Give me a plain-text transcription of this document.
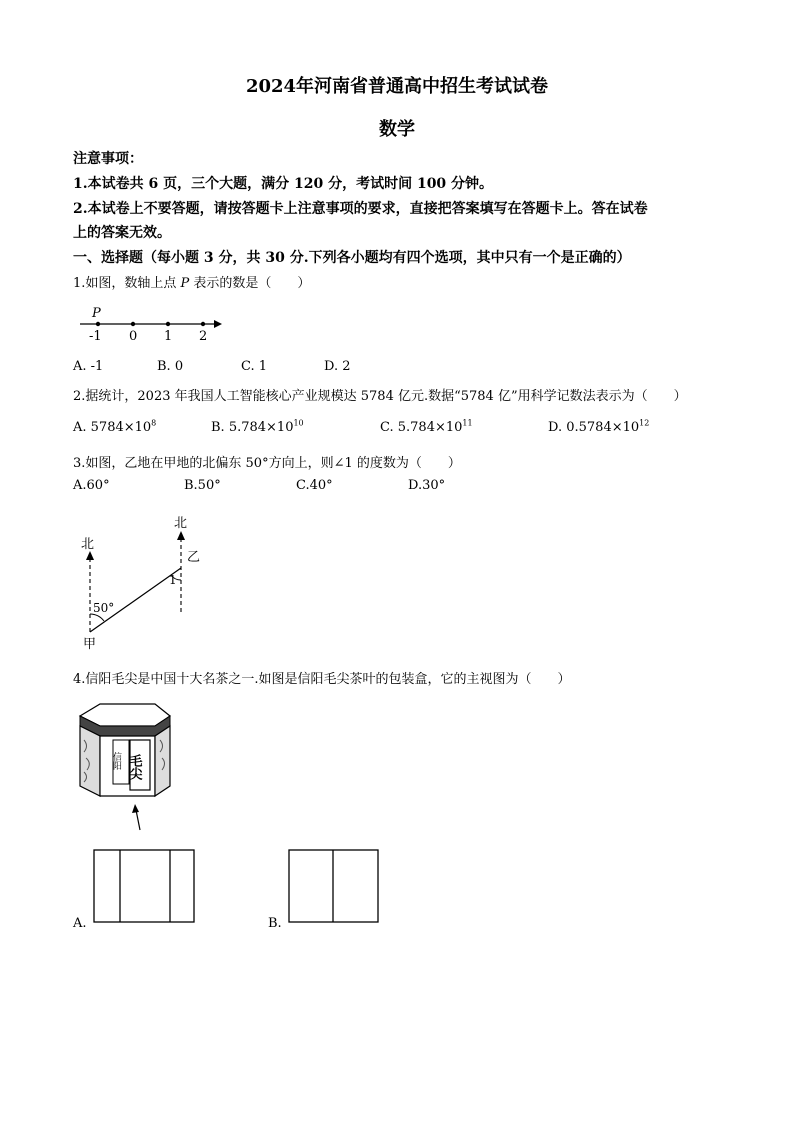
2024年河南省普通高中招生考试试卷
数学
注意事项：
1.本试卷共 6 页，三个大题，满分 120 分，考试时间 100 分钟。
2.本试卷上不要答题，请按答题卡上注意事项的要求，直接把答案填写在答题卡上。答在试卷
上的答案无效。
一、选择题（每小题 3 分，共 30 分.下列各小题均有四个选项，其中只有一个是正确的）
1.如图，数轴上点 P 表示的数是（　　）
P
-1 0 1 2
A. -1	B. 0	C. 1	D. 2
2.据统计，2023 年我国人工智能核心产业规模达 5784 亿元.数据“5784 亿”用科学记数法表示为（　　）
A. $5784\times 10^8$	B. $5.784\times 10^{10}$	C. $5.784\times 10^{11}$	D. $0.5784\times 10^{12}$
3.如图，乙地在甲地的北偏东 50°方向上，则∠1 的度数为（　　）
A.60°	B.50°	C.40°	D.30°
北
北
乙
甲
50°
1
4.信阳毛尖是中国十大名茶之一.如图是信阳毛尖茶叶的包装盒，它的主视图为（　　）
信阳 毛尖
A.	B.
